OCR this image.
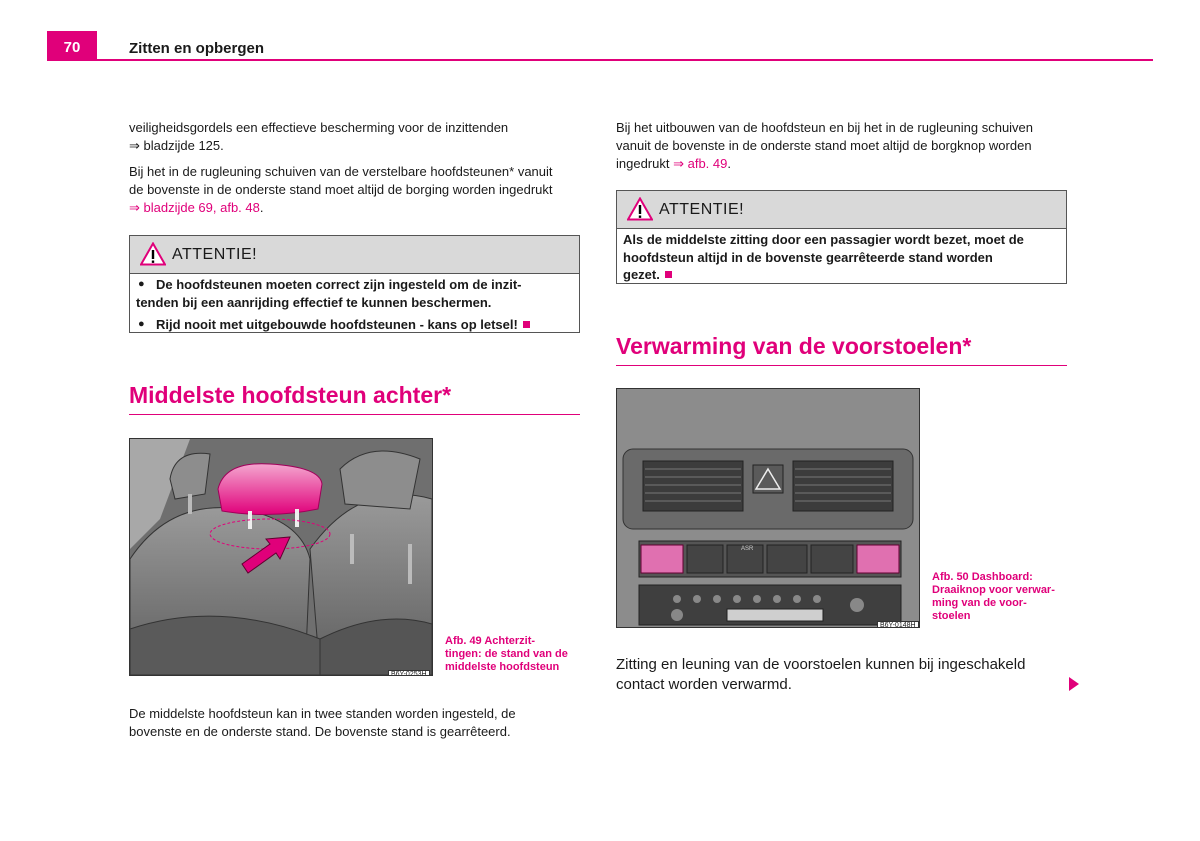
70	Zitten en opbergen
veiligheidsgordels een effectieve bescherming voor de inzittenden
⇒ bladzijde 125.
Bij het in de rugleuning schuiven van de verstelbare hoofdsteunen* vanuit
de bovenste in de onderste stand moet altijd de borging worden ingedrukt
⇒ bladzijde 69, afb. 48.
ATTENTIE!
● De hoofdsteunen moeten correct zijn ingesteld om de inzit-
tenden bij een aanrijding effectief te kunnen beschermen.
● Rijd nooit met uitgebouwde hoofdsteunen - kans op letsel!
Middelste hoofdsteun achter*
B6Y-0253H
Afb. 49 Achterzit-
tingen: de stand van de
middelste hoofdsteun
De middelste hoofdsteun kan in twee standen worden ingesteld, de
bovenste en de onderste stand. De bovenste stand is gearrêteerd.
Bij het uitbouwen van de hoofdsteun en bij het in de rugleuning schuiven
vanuit de bovenste in de onderste stand moet altijd de borgknop worden
ingedrukt ⇒ afb. 49.
ATTENTIE!
Als de middelste zitting door een passagier wordt bezet, moet de
hoofdsteun altijd in de bovenste gearrêteerde stand worden
gezet.
Verwarming van de voorstoelen*
ASR
B6Y-0148H
Afb. 50 Dashboard:
Draaiknop voor verwar-
ming van de voor-
stoelen
Zitting en leuning van de voorstoelen kunnen bij ingeschakeld
contact worden verwarmd.
